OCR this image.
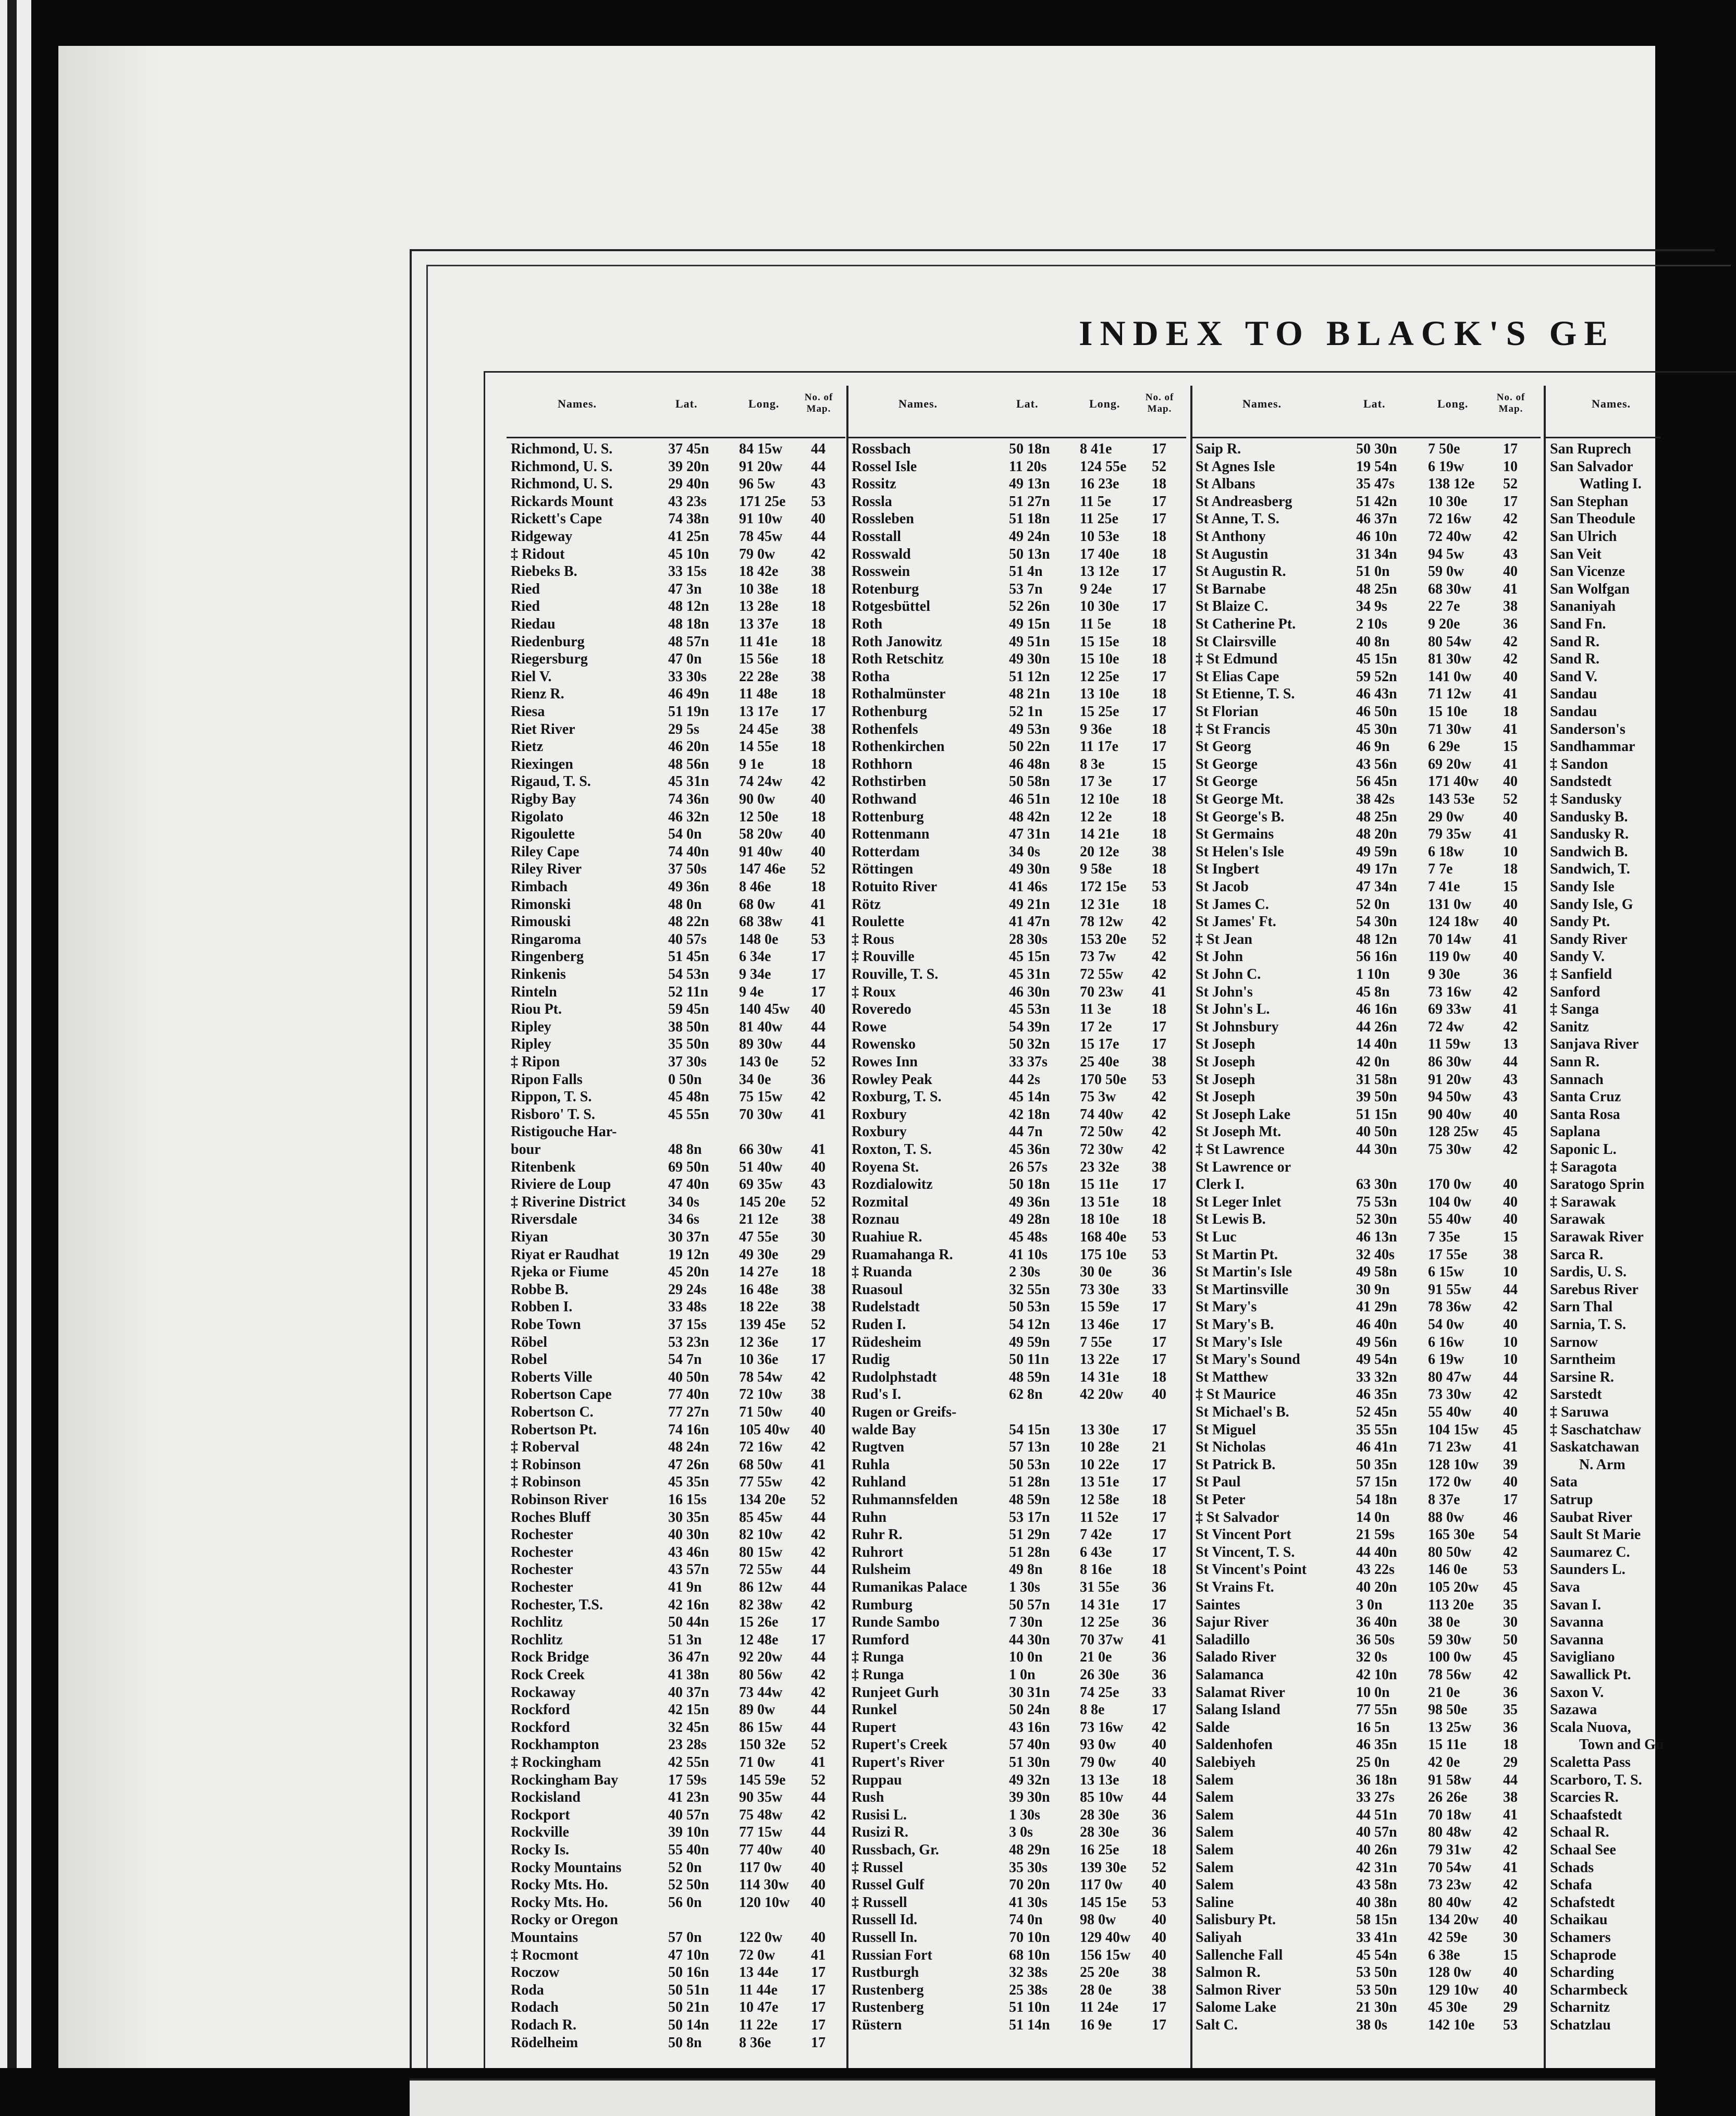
INDEX TO BLACK'S GE
Names.	Lat.	Long.	No. of Map.
Richmond, U. S.	37 45n 84 15w	44
Richmond, U. S.	39 20n 91 20w	44
Richmond, U. S.	29 40n 96 5w	43
Rickards Mount	43 23s 171 25e	53
Rickett's Cape	74 38n 91 10w	40
Ridgeway	41 25n 78 45w	44
‡ Ridout	45 10n 79 0w	42
Riebeks B.	33 15s 18 42e	38
Ried	47 3n	10 38e	18
Ried	48 12n 13 28e	18
Riedau	48 18n 13 37e	18
Riedenburg	48 57n 11 41e	18
Riegersburg	47 0n	15 56e	18
Riel V.	33 30s 22 28e	38
Rienz R.	46 49n 11 48e	18
Riesa	51 19n 13 17e	17
Riet River	29 5s	24 45e	38
Rietz	46 20n 14 55e	18
Riexingen	48 56n 9 1e	18
Rigaud, T. S.	45 31n 74 24w	42
Rigby Bay	74 36n 90 0w	40
Rigolato	46 32n 12 50e	18
Rigoulette	54 0n	58 20w	40
Riley Cape	74 40n 91 40w	40
Riley River	37 50s 147 46e	52
Rimbach	49 36n 8 46e	18
Rimonski	48 0n	68 0w	41
Rimouski	48 22n 68 38w	41
Ringaroma	40 57s 148 0e	53
Ringenberg	51 45n 6 34e	17
Rinkenis	54 53n 9 34e	17
Rinteln	52 11n 9 4e	17
Riou Pt.	59 45n 140 45w	40
Ripley	38 50n 81 40w	44
Ripley	35 50n 89 30w	44
‡ Ripon	37 30s 143 0e	52
Ripon Falls	0 50n	34 0e	36
Rippon, T. S.	45 48n 75 15w	42
Risboro' T. S.	45 55n 70 30w	41
Ristigouche Har-
bour	48 8n	66 30w	41
Ritenbenk	69 50n 51 40w	40
Riviere de Loup	47 40n 69 35w	43
‡ Riverine District	34 0s	145 20e	52
Riversdale	34 6s	21 12e	38
Riyan	30 37n 47 55e	30
Riyat er Raudhat	19 12n 49 30e	29
Rjeka or Fiume	45 20n 14 27e	18
Robbe B.	29 24s 16 48e	38
Robben I.	33 48s 18 22e	38
Robe Town	37 15s 139 45e	52
Röbel	53 23n 12 36e	17
Robel	54 7n	10 36e	17
Roberts Ville	40 50n 78 54w	42
Robertson Cape	77 40n 72 10w	38
Robertson C.	77 27n 71 50w	40
Robertson Pt.	74 16n 105 40w	40
‡ Roberval	48 24n 72 16w	42
‡ Robinson	47 26n 68 50w	41
‡ Robinson	45 35n 77 55w	42
Robinson River	16 15s 134 20e	52
Roches Bluff	30 35n 85 45w	44
Rochester	40 30n 82 10w	42
Rochester	43 46n 80 15w	42
Rochester	43 57n 72 55w	44
Rochester	41 9n	86 12w	44
Rochester, T.S.	42 16n 82 38w	42
Rochlitz	50 44n 15 26e	17
Rochlitz	51 3n	12 48e	17
Rock Bridge	36 47n 92 20w	44
Rock Creek	41 38n 80 56w	42
Rockaway	40 37n 73 44w	42
Rockford	42 15n 89 0w	44
Rockford	32 45n 86 15w	44
Rockhampton	23 28s 150 32e	52
‡ Rockingham	42 55n 71 0w	41
Rockingham Bay	17 59s 145 59e	52
Rockisland	41 23n 90 35w	44
Rockport	40 57n 75 48w	42
Rockville	39 10n 77 15w	44
Rocky Is.	55 40n 77 40w	40
Rocky Mountains	52 0n	117 0w	40
Rocky Mts. Ho.	52 50n 114 30w	40
Rocky Mts. Ho.	56 0n	120 10w	40
Rocky or Oregon
Mountains	57 0n	122 0w	40
‡ Rocmont	47 10n 72 0w	41
Roczow	50 16n 13 44e	17
Roda	50 51n 11 44e	17
Rodach	50 21n 10 47e	17
Rodach R.	50 14n 11 22e	17
Rödelheim	50 8n	8 36e	17
Names.	Lat.	Long.	No. of Map.
Rossbach	50 18n 8 41e	17
Rossel Isle	11 20s 124 55e	52
Rossitz	49 13n 16 23e	18
Rossla	51 27n 11 5e	17
Rossleben	51 18n 11 25e	17
Rosstall	49 24n 10 53e	18
Rosswald	50 13n 17 40e	18
Rosswein	51 4n	13 12e	17
Rotenburg	53 7n	9 24e	17
Rotgesbüttel	52 26n 10 30e	17
Roth	49 15n 11 5e	18
Roth Janowitz	49 51n 15 15e	18
Roth Retschitz	49 30n 15 10e	18
Rotha	51 12n 12 25e	17
Rothalmünster	48 21n 13 10e	18
Rothenburg	52 1n	15 25e	17
Rothenfels	49 53n 9 36e	18
Rothenkirchen	50 22n 11 17e	17
Rothhorn	46 48n 8 3e	15
Rothstirben	50 58n 17 3e	17
Rothwand	46 51n 12 10e	18
Rottenburg	48 42n 12 2e	18
Rottenmann	47 31n 14 21e	18
Rotterdam	34 0s	20 12e	38
Röttingen	49 30n 9 58e	18
Rotuito River	41 46s 172 15e	53
Rötz	49 21n 12 31e	18
Roulette	41 47n 78 12w	42
‡ Rous	28 30s 153 20e	52
‡ Rouville	45 15n 73 7w	42
Rouville, T. S.	45 31n 72 55w	42
‡ Roux	46 30n 70 23w	41
Roveredo	45 53n 11 3e	18
Rowe	54 39n 17 2e	17
Rowensko	50 32n 15 17e	17
Rowes Inn	33 37s 25 40e	38
Rowley Peak	44 2s	170 50e	53
Roxburg, T. S.	45 14n 75 3w	42
Roxbury	42 18n 74 40w	42
Roxbury	44 7n	72 50w	42
Roxton, T. S.	45 36n 72 30w	42
Royena St.	26 57s 23 32e	38
Rozdialowitz	50 18n 15 11e	17
Rozmital	49 36n 13 51e	18
Roznau	49 28n 18 10e	18
Ruahiue R.	45 48s 168 40e	53
Ruamahanga R.	41 10s 175 10e	53
‡ Ruanda	2 30s	30 0e	36
Ruasoul	32 55n 73 30e	33
Rudelstadt	50 53n 15 59e	17
Ruden I.	54 12n 13 46e	17
Rüdesheim	49 59n 7 55e	17
Rudig	50 11n 13 22e	17
Rudolphstadt	48 59n 14 31e	18
Rud's I.	62 8n	42 20w	40
Rugen or Greifs-
walde Bay	54 15n 13 30e	17
Rugtven	57 13n 10 28e	21
Ruhla	50 53n 10 22e	17
Ruhland	51 28n 13 51e	17
Ruhmannsfelden	48 59n 12 58e	18
Ruhn	53 17n 11 52e	17
Ruhr R.	51 29n 7 42e	17
Ruhrort	51 28n 6 43e	17
Rulsheim	49 8n	8 16e	18
Rumanikas Palace	1 30s	31 55e	36
Rumburg	50 57n 14 31e	17
Runde Sambo	7 30n	12 25e	36
Rumford	44 30n 70 37w	41
‡ Runga	10 0n	21 0e	36
‡ Runga	1 0n	26 30e	36
Runjeet Gurh	30 31n 74 25e	33
Runkel	50 24n 8 8e	17
Rupert	43 16n 73 16w	42
Rupert's Creek	57 40n 93 0w	40
Rupert's River	51 30n 79 0w	40
Ruppau	49 32n 13 13e	18
Rush	39 30n 85 10w	44
Rusisi L.	1 30s	28 30e	36
Rusizi R.	3 0s	28 30e	36
Russbach, Gr.	48 29n 16 25e	18
‡ Russel	35 30s 139 30e	52
Russel Gulf	70 20n 117 0w	40
‡ Russell	41 30s 145 15e	53
Russell Id.	74 0n	98 0w	40
Russell In.	70 10n 129 40w	40
Russian Fort	68 10n 156 15w	40
Rustburgh	32 38s 25 20e	38
Rustenberg	25 38s 28 0e	38
Rustenberg	51 10n 11 24e	17
Rüstern	51 14n 16 9e	17
Names.	Lat.	Long.	No. of Map.
Saip R.	50 30n 7 50e	17
St Agnes Isle	19 54n 6 19w	10
St Albans	35 47s 138 12e	52
St Andreasberg	51 42n 10 30e	17
St Anne, T. S.	46 37n 72 16w	42
St Anthony	46 10n 72 40w	42
St Augustin	31 34n 94 5w	43
St Augustin R.	51 0n	59 0w	40
St Barnabe	48 25n 68 30w	41
St Blaize C.	34 9s	22 7e	38
St Catherine Pt.	2 10s	9 20e	36
St Clairsville	40 8n	80 54w	42
‡ St Edmund	45 15n 81 30w	42
St Elias Cape	59 52n 141 0w	40
St Etienne, T. S.	46 43n 71 12w	41
St Florian	46 50n 15 10e	18
‡ St Francis	45 30n 71 30w	41
St Georg	46 9n	6 29e	15
St George	43 56n 69 20w	41
St George	56 45n 171 40w	40
St George Mt.	38 42s 143 53e	52
St George's B.	48 25n 29 0w	40
St Germains	48 20n 79 35w	41
St Helen's Isle	49 59n 6 18w	10
St Ingbert	49 17n 7 7e	18
St Jacob	47 34n 7 41e	15
St James C.	52 0n	131 0w	40
St James' Ft.	54 30n 124 18w	40
‡ St Jean	48 12n 70 14w	41
St John	56 16n 119 0w	40
St John C.	1 10n	9 30e	36
St John's	45 8n	73 16w	42
St John's L.	46 16n 69 33w	41
St Johnsbury	44 26n 72 4w	42
St Joseph	14 40n 11 59w	13
St Joseph	42 0n	86 30w	44
St Joseph	31 58n 91 20w	43
St Joseph	39 50n 94 50w	43
St Joseph Lake	51 15n 90 40w	40
St Joseph Mt.	40 50n 128 25w	45
‡ St Lawrence	44 30n 75 30w	42
St Lawrence or
Clerk I.	63 30n 170 0w	40
St Leger Inlet	75 53n 104 0w	40
St Lewis B.	52 30n 55 40w	40
St Luc	46 13n 7 35e	15
St Martin Pt.	32 40s 17 55e	38
St Martin's Isle	49 58n 6 15w	10
St Martinsville	30 9n	91 55w	44
St Mary's	41 29n 78 36w	42
St Mary's B.	46 40n 54 0w	40
St Mary's Isle	49 56n 6 16w	10
St Mary's Sound	49 54n 6 19w	10
St Matthew	33 32n 80 47w	44
‡ St Maurice	46 35n 73 30w	42
St Michael's B.	52 45n 55 40w	40
St Miguel	35 55n 104 15w	45
St Nicholas	46 41n 71 23w	41
St Patrick B.	50 35n 128 10w	39
St Paul	57 15n 172 0w	40
St Peter	54 18n 8 37e	17
‡ St Salvador	14 0n	88 0w	46
St Vincent Port	21 59s 165 30e	54
St Vincent, T. S.	44 40n 80 50w	42
St Vincent's Point	43 22s 146 0e	53
St Vrains Ft.	40 20n 105 20w	45
Saintes	3 0n	113 20e	35
Sajur River	36 40n 38 0e	30
Saladillo	36 50s 59 30w	50
Salado River	32 0s	100 0w	45
Salamanca	42 10n 78 56w	42
Salamat River	10 0n	21 0e	36
Salang Island	77 55n 98 50e	35
Salde	16 5n	13 25w	36
Saldenhofen	46 35n 15 11e	18
Salebiyeh	25 0n	42 0e	29
Salem	36 18n 91 58w	44
Salem	33 27s 26 26e	38
Salem	44 51n 70 18w	41
Salem	40 57n 80 48w	42
Salem	40 26n 79 31w	42
Salem	42 31n 70 54w	41
Salem	43 58n 73 23w	42
Saline	40 38n 80 40w	42
Salisbury Pt.	58 15n 134 20w	40
Saliyah	33 41n 42 59e	30
Sallenche Fall	45 54n 6 38e	15
Salmon R.	53 50n 128 0w	40
Salmon River	53 50n 129 10w	40
Salome Lake	21 30n 45 30e	29
Salt C.	38 0s	142 10e	53
Names.
San Ruprech
San Salvador
Watling I.
San Stephan
San Theodule
San Ulrich
San Veit
San Vicenze
San Wolfgan
Sananiyah
Sand Fn.
Sand R.
Sand R.
Sand V.
Sandau
Sandau
Sanderson's
Sandhammar
‡ Sandon
Sandstedt
‡ Sandusky
Sandusky B.
Sandusky R.
Sandwich B.
Sandwich, T.
Sandy Isle
Sandy Isle, G
Sandy Pt.
Sandy River
Sandy V.
‡ Sanfield
Sanford
‡ Sanga
Sanitz
Sanjava River
Sann R.
Sannach
Santa Cruz
Santa Rosa
Saplana
Saponic L.
‡ Saragota
Saratogo Sprin
‡ Sarawak
Sarawak
Sarawak River
Sarca R.
Sardis, U. S.
Sarebus River
Sarn Thal
Sarnia, T. S.
Sarnow
Sarntheim
Sarsine R.
Sarstedt
‡ Saruwa
‡ Saschatchaw
Saskatchawan
N. Arm
Sata
Satrup
Saubat River
Sault St Marie
Saumarez C.
Saunders L.
Sava
Savan I.
Savanna
Savanna
Savigliano
Sawallick Pt.
Saxon V.
Sazawa
Scala Nuova,
Town and Gu
Scaletta Pass
Scarboro, T. S.
Scarcies R.
Schaafstedt
Schaal R.
Schaal See
Schads
Schafa
Schafstedt
Schaikau
Schamers
Schaprode
Scharding
Scharmbeck
Scharnitz
Schatzlau
